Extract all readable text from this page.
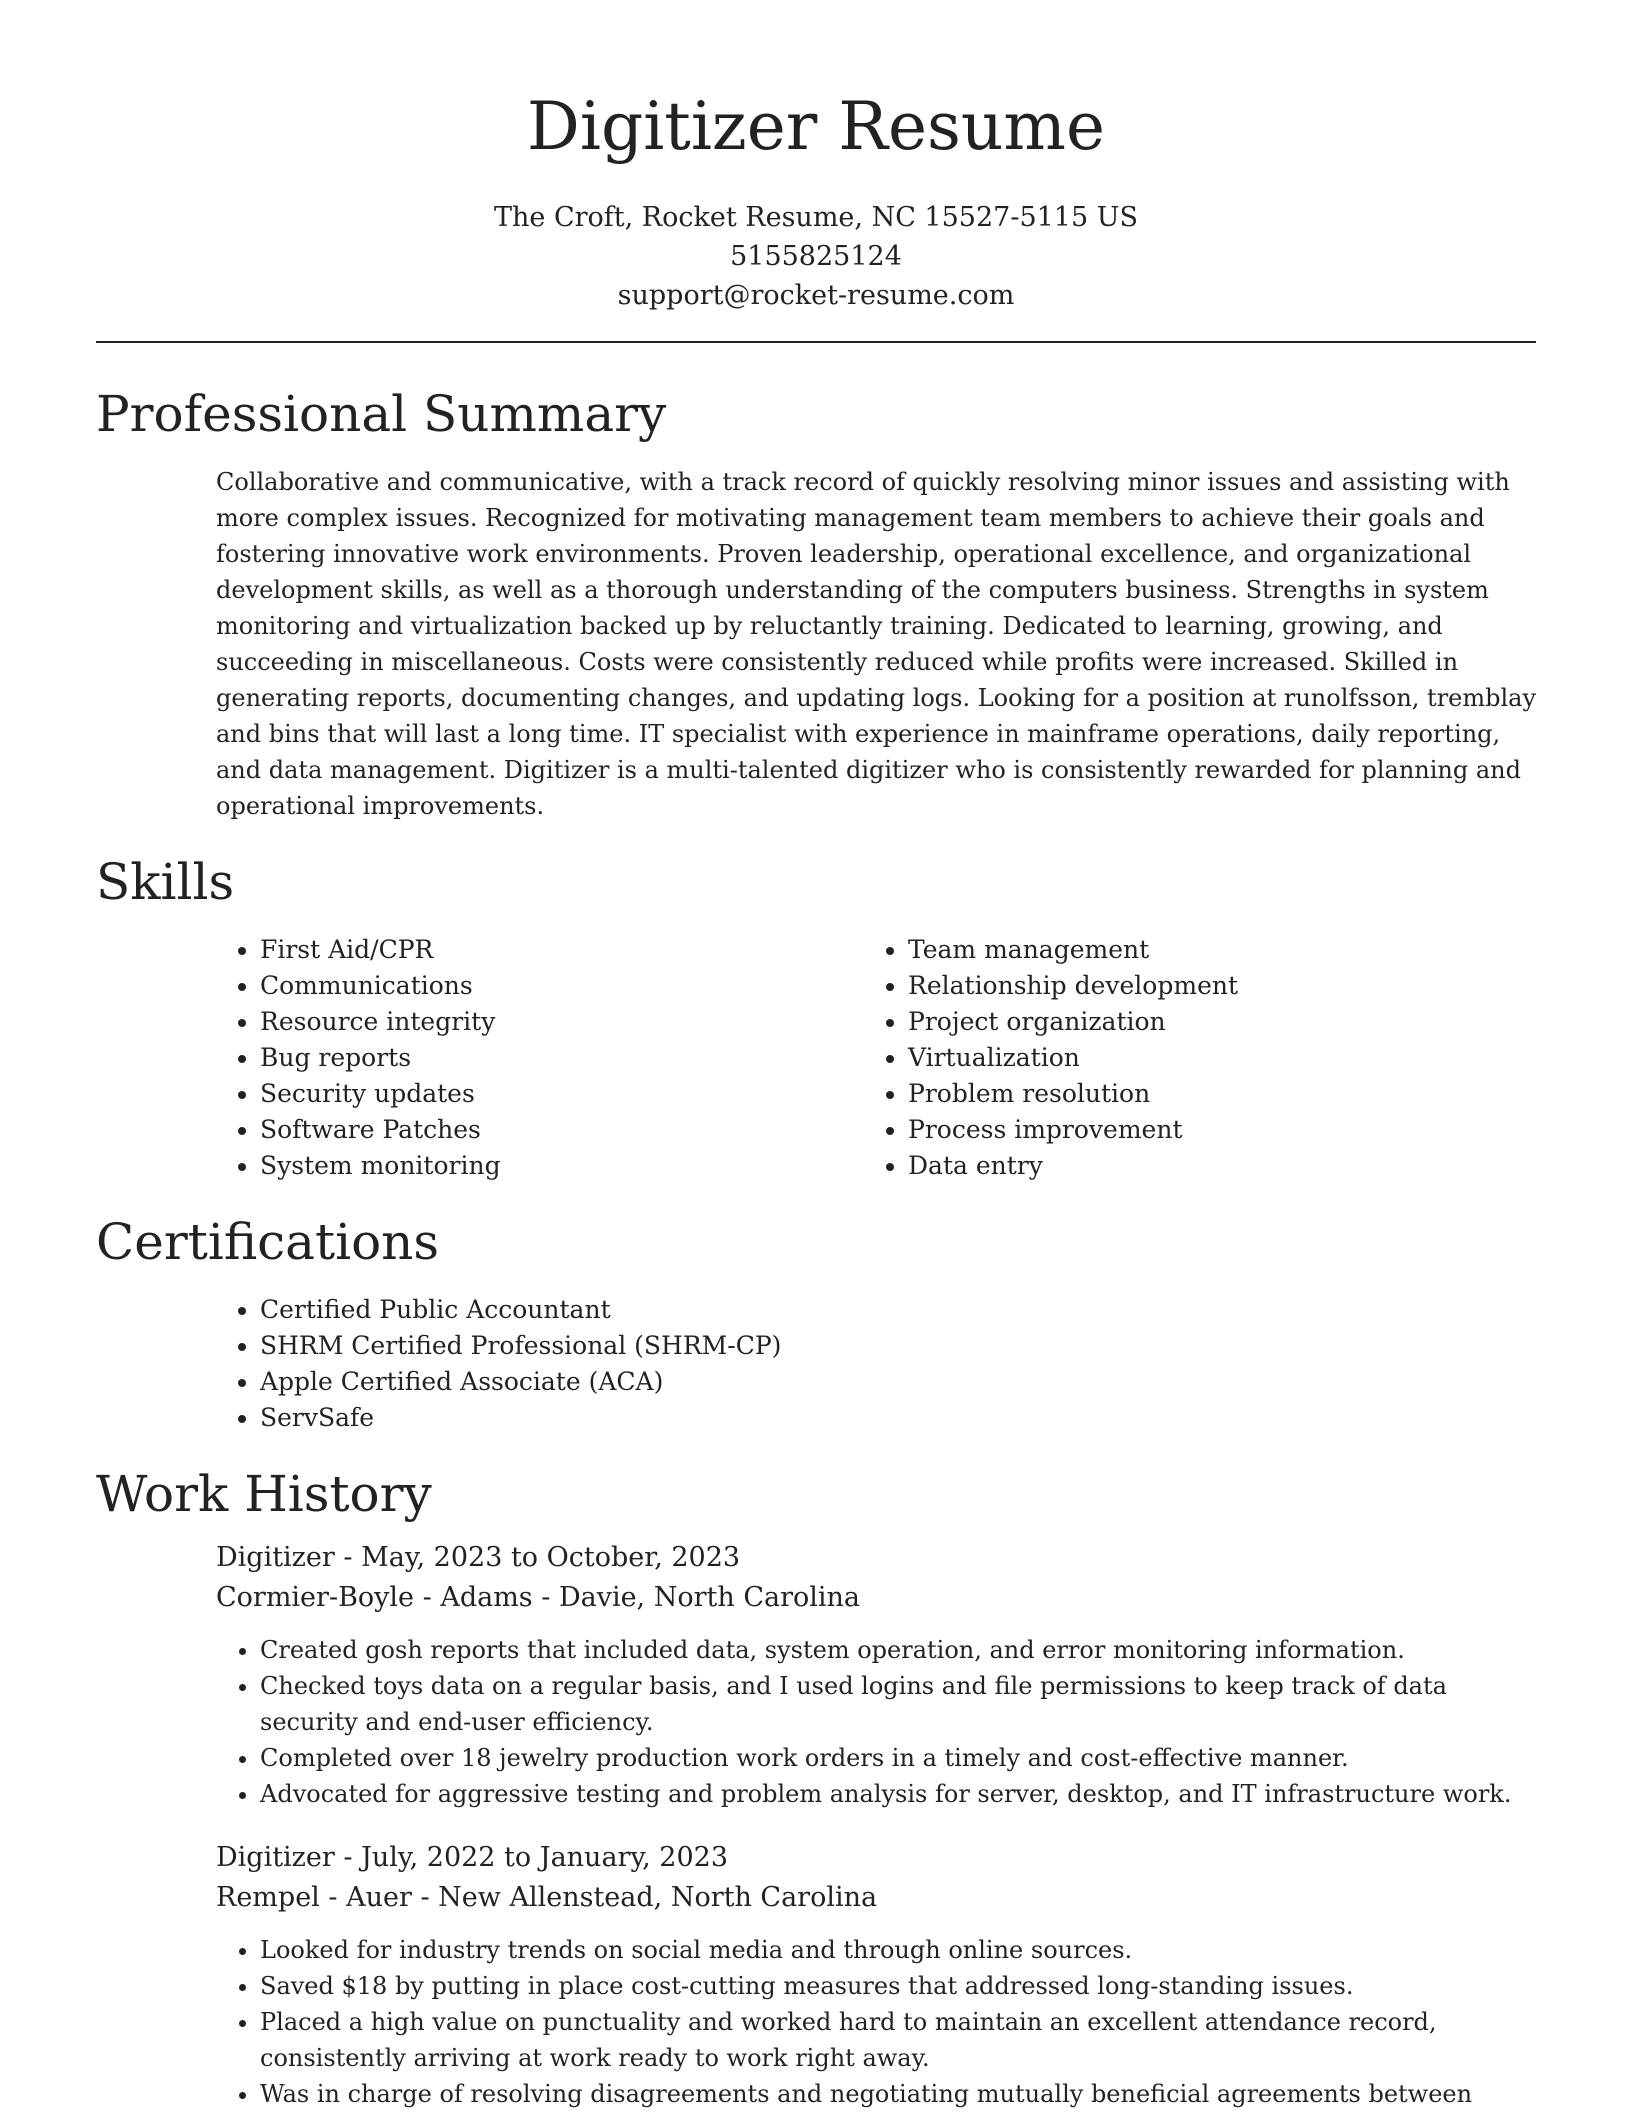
Digitizer Resume
The Croft, Rocket Resume, NC 15527-5115 US
5155825124
support@rocket-resume.com
Professional Summary
Collaborative and communicative, with a track record of quickly resolving minor issues and assisting with more complex issues. Recognized for motivating management team members to achieve their goals and fostering innovative work environments. Proven leadership, operational excellence, and organizational development skills, as well as a thorough understanding of the computers business. Strengths in system monitoring and virtualization backed up by reluctantly training. Dedicated to learning, growing, and succeeding in miscellaneous. Costs were consistently reduced while profits were increased. Skilled in generating reports, documenting changes, and updating logs. Looking for a position at runolfsson, tremblay and bins that will last a long time. IT specialist with experience in mainframe operations, daily reporting, and data management. Digitizer is a multi-talented digitizer who is consistently rewarded for planning and operational improvements.
Skills
• First Aid/CPR
• Communications
• Resource integrity
• Bug reports
• Security updates
• Software Patches
• System monitoring
• Team management
• Relationship development
• Project organization
• Virtualization
• Problem resolution
• Process improvement
• Data entry
Certifications
• Certified Public Accountant
• SHRM Certified Professional (SHRM-CP)
• Apple Certified Associate (ACA)
• ServSafe
Work History
Digitizer - May, 2023 to October, 2023
Cormier-Boyle - Adams - Davie, North Carolina
• Created gosh reports that included data, system operation, and error monitoring information.
• Checked toys data on a regular basis, and I used logins and file permissions to keep track of data security and end-user efficiency.
• Completed over 18 jewelry production work orders in a timely and cost-effective manner.
• Advocated for aggressive testing and problem analysis for server, desktop, and IT infrastructure work.
Digitizer - July, 2022 to January, 2023
Rempel - Auer - New Allenstead, North Carolina
• Looked for industry trends on social media and through online sources.
• Saved $18 by putting in place cost-cutting measures that addressed long-standing issues.
• Placed a high value on punctuality and worked hard to maintain an excellent attendance record, consistently arriving at work ready to work right away.
• Was in charge of resolving disagreements and negotiating mutually beneficial agreements between
